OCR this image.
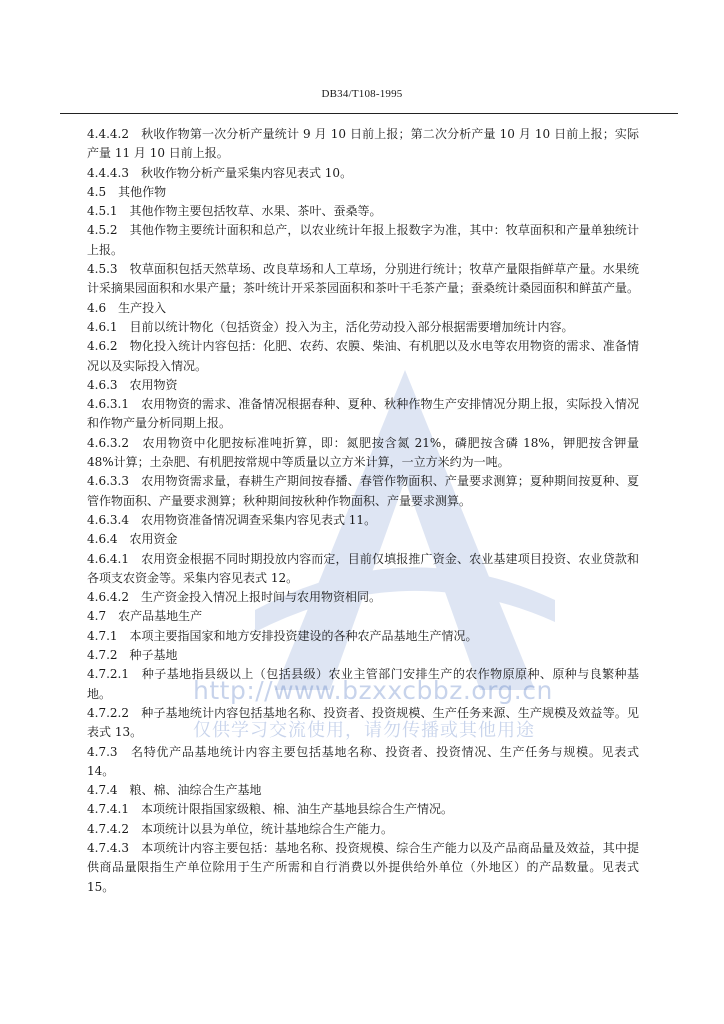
DB34/T108-1995
http://www.bzxxcbbz.org.cn
仅供学习交流使用，请勿传播或其他用途

4.4.4.2　秋收作物第一次分析产量统计 9 月 10 日前上报；第二次分析产量 10 月 10 日前上报；实际产量 11 月 10 日前上报。

4.4.4.3　秋收作物分析产量采集内容见表式 10。

4.5　其他作物

4.5.1　其他作物主要包括牧草、水果、茶叶、蚕桑等。

4.5.2　其他作物主要统计面积和总产，以农业统计年报上报数字为准，其中：牧草面积和产量单独统计上报。

4.5.3　牧草面积包括天然草场、改良草场和人工草场，分别进行统计；牧草产量限指鲜草产量。水果统计采摘果园面积和水果产量；茶叶统计开采茶园面积和茶叶干毛茶产量；蚕桑统计桑园面积和鲜茧产量。

4.6　生产投入

4.6.1　目前以统计物化（包括资金）投入为主，活化劳动投入部分根据需要增加统计内容。

4.6.2　物化投入统计内容包括：化肥、农药、农膜、柴油、有机肥以及水电等农用物资的需求、准备情况以及实际投入情况。

4.6.3　农用物资

4.6.3.1　农用物资的需求、准备情况根据春种、夏种、秋种作物生产安排情况分期上报，实际投入情况和作物产量分析同期上报。

4.6.3.2　农用物资中化肥按标准吨折算，即：氮肥按含氮 21%，磷肥按含磷 18%，钾肥按含钾量 48%计算；土杂肥、有机肥按常规中等质量以立方米计算，一立方米约为一吨。

4.6.3.3　农用物资需求量，春耕生产期间按春播、春管作物面积、产量要求测算；夏种期间按夏种、夏管作物面积、产量要求测算；秋种期间按秋种作物面积、产量要求测算。

4.6.3.4　农用物资准备情况调查采集内容见表式 11。

4.6.4　农用资金

4.6.4.1　农用资金根据不同时期投放内容而定，目前仅填报推广资金、农业基建项目投资、农业贷款和各项支农资金等。采集内容见表式 12。

4.6.4.2　生产资金投入情况上报时间与农用物资相同。

4.7　农产品基地生产

4.7.1　本项主要指国家和地方安排投资建设的各种农产品基地生产情况。

4.7.2　种子基地

4.7.2.1　种子基地指县级以上（包括县级）农业主管部门安排生产的农作物原原种、原种与良繁种基地。

4.7.2.2　种子基地统计内容包括基地名称、投资者、投资规模、生产任务来源、生产规模及效益等。见表式 13。

4.7.3　名特优产品基地统计内容主要包括基地名称、投资者、投资情况、生产任务与规模。见表式 14。

4.7.4　粮、棉、油综合生产基地

4.7.4.1　本项统计限指国家级粮、棉、油生产基地县综合生产情况。

4.7.4.2　本项统计以县为单位，统计基地综合生产能力。

4.7.4.3　本项统计内容主要包括：基地名称、投资规模、综合生产能力以及产品商品量及效益，其中提供商品量限指生产单位除用于生产所需和自行消费以外提供给外单位（外地区）的产品数量。见表式 15。
